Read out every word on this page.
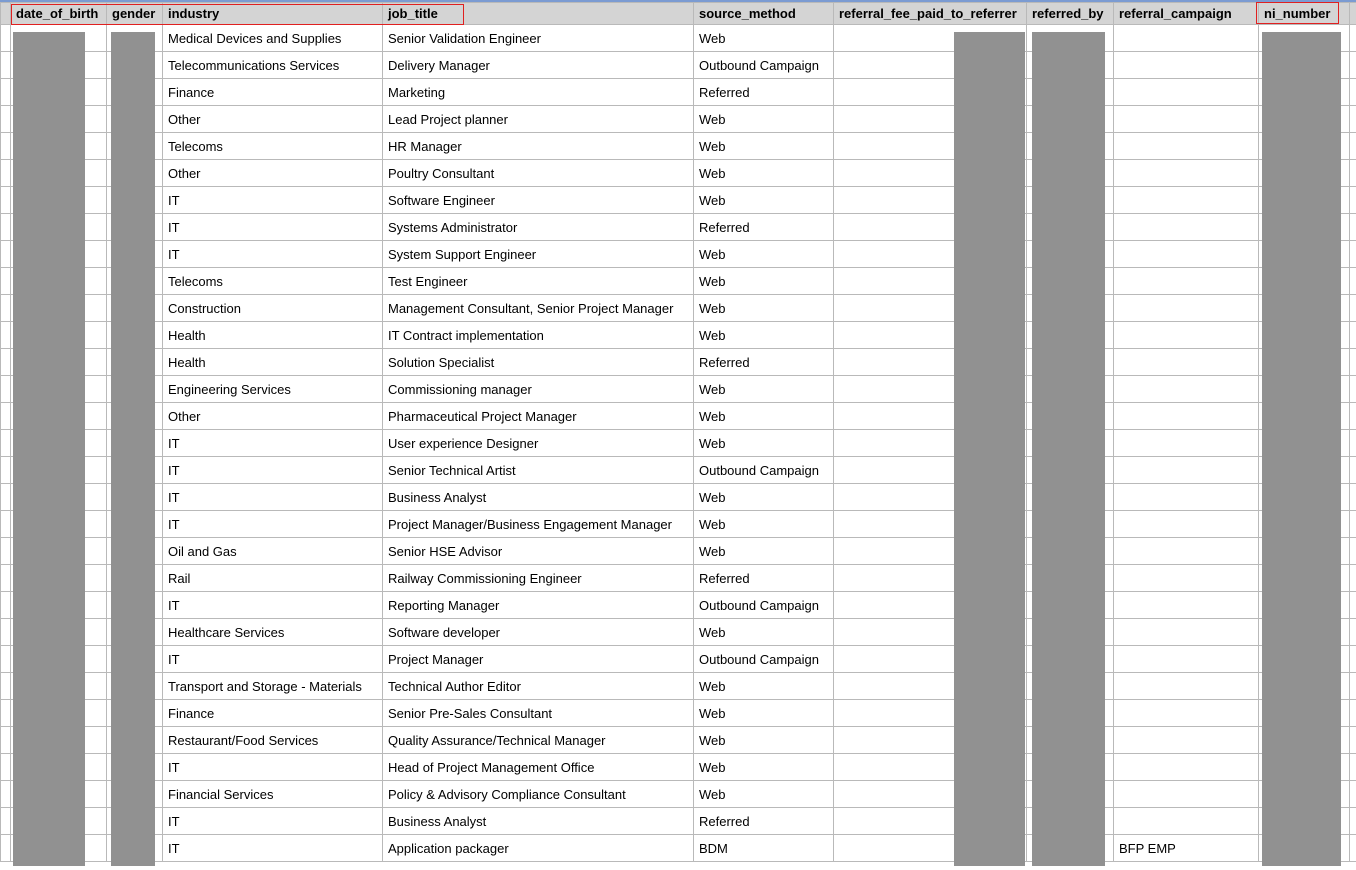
	date_of_birth	gender	industry	job_title	source_method	referral_fee_paid_to_referrer	referred_by	referral_campaign	ni_number	
			Medical Devices and Supplies	Senior Validation Engineer	Web					
			Telecommunications Services	Delivery Manager	Outbound Campaign					
			Finance	Marketing	Referred					
			Other	Lead Project planner	Web					
			Telecoms	HR Manager	Web					
			Other	Poultry Consultant	Web					
			IT	Software Engineer	Web					
			IT	Systems Administrator	Referred					
			IT	System Support Engineer	Web					
			Telecoms	Test Engineer	Web					
			Construction	Management Consultant, Senior Project Manager	Web					
			Health	IT Contract implementation	Web					
			Health	Solution Specialist	Referred					
			Engineering Services	Commissioning manager	Web					
			Other	Pharmaceutical Project Manager	Web					
			IT	User experience Designer	Web					
			IT	Senior Technical Artist	Outbound Campaign					
			IT	Business Analyst	Web					
			IT	Project Manager/Business Engagement Manager	Web					
			Oil and Gas	Senior HSE Advisor	Web					
			Rail	Railway Commissioning Engineer	Referred					
			IT	Reporting Manager	Outbound Campaign					
			Healthcare Services	Software developer	Web					
			IT	Project Manager	Outbound Campaign					
			Transport and Storage - Materials	Technical Author Editor	Web					
			Finance	Senior Pre-Sales Consultant	Web					
			Restaurant/Food Services	Quality Assurance/Technical Manager	Web					
			IT	Head of Project Management Office	Web					
			Financial Services	Policy & Advisory Compliance Consultant	Web					
			IT	Business Analyst	Referred					
			IT	Application packager	BDM			BFP EMP		
